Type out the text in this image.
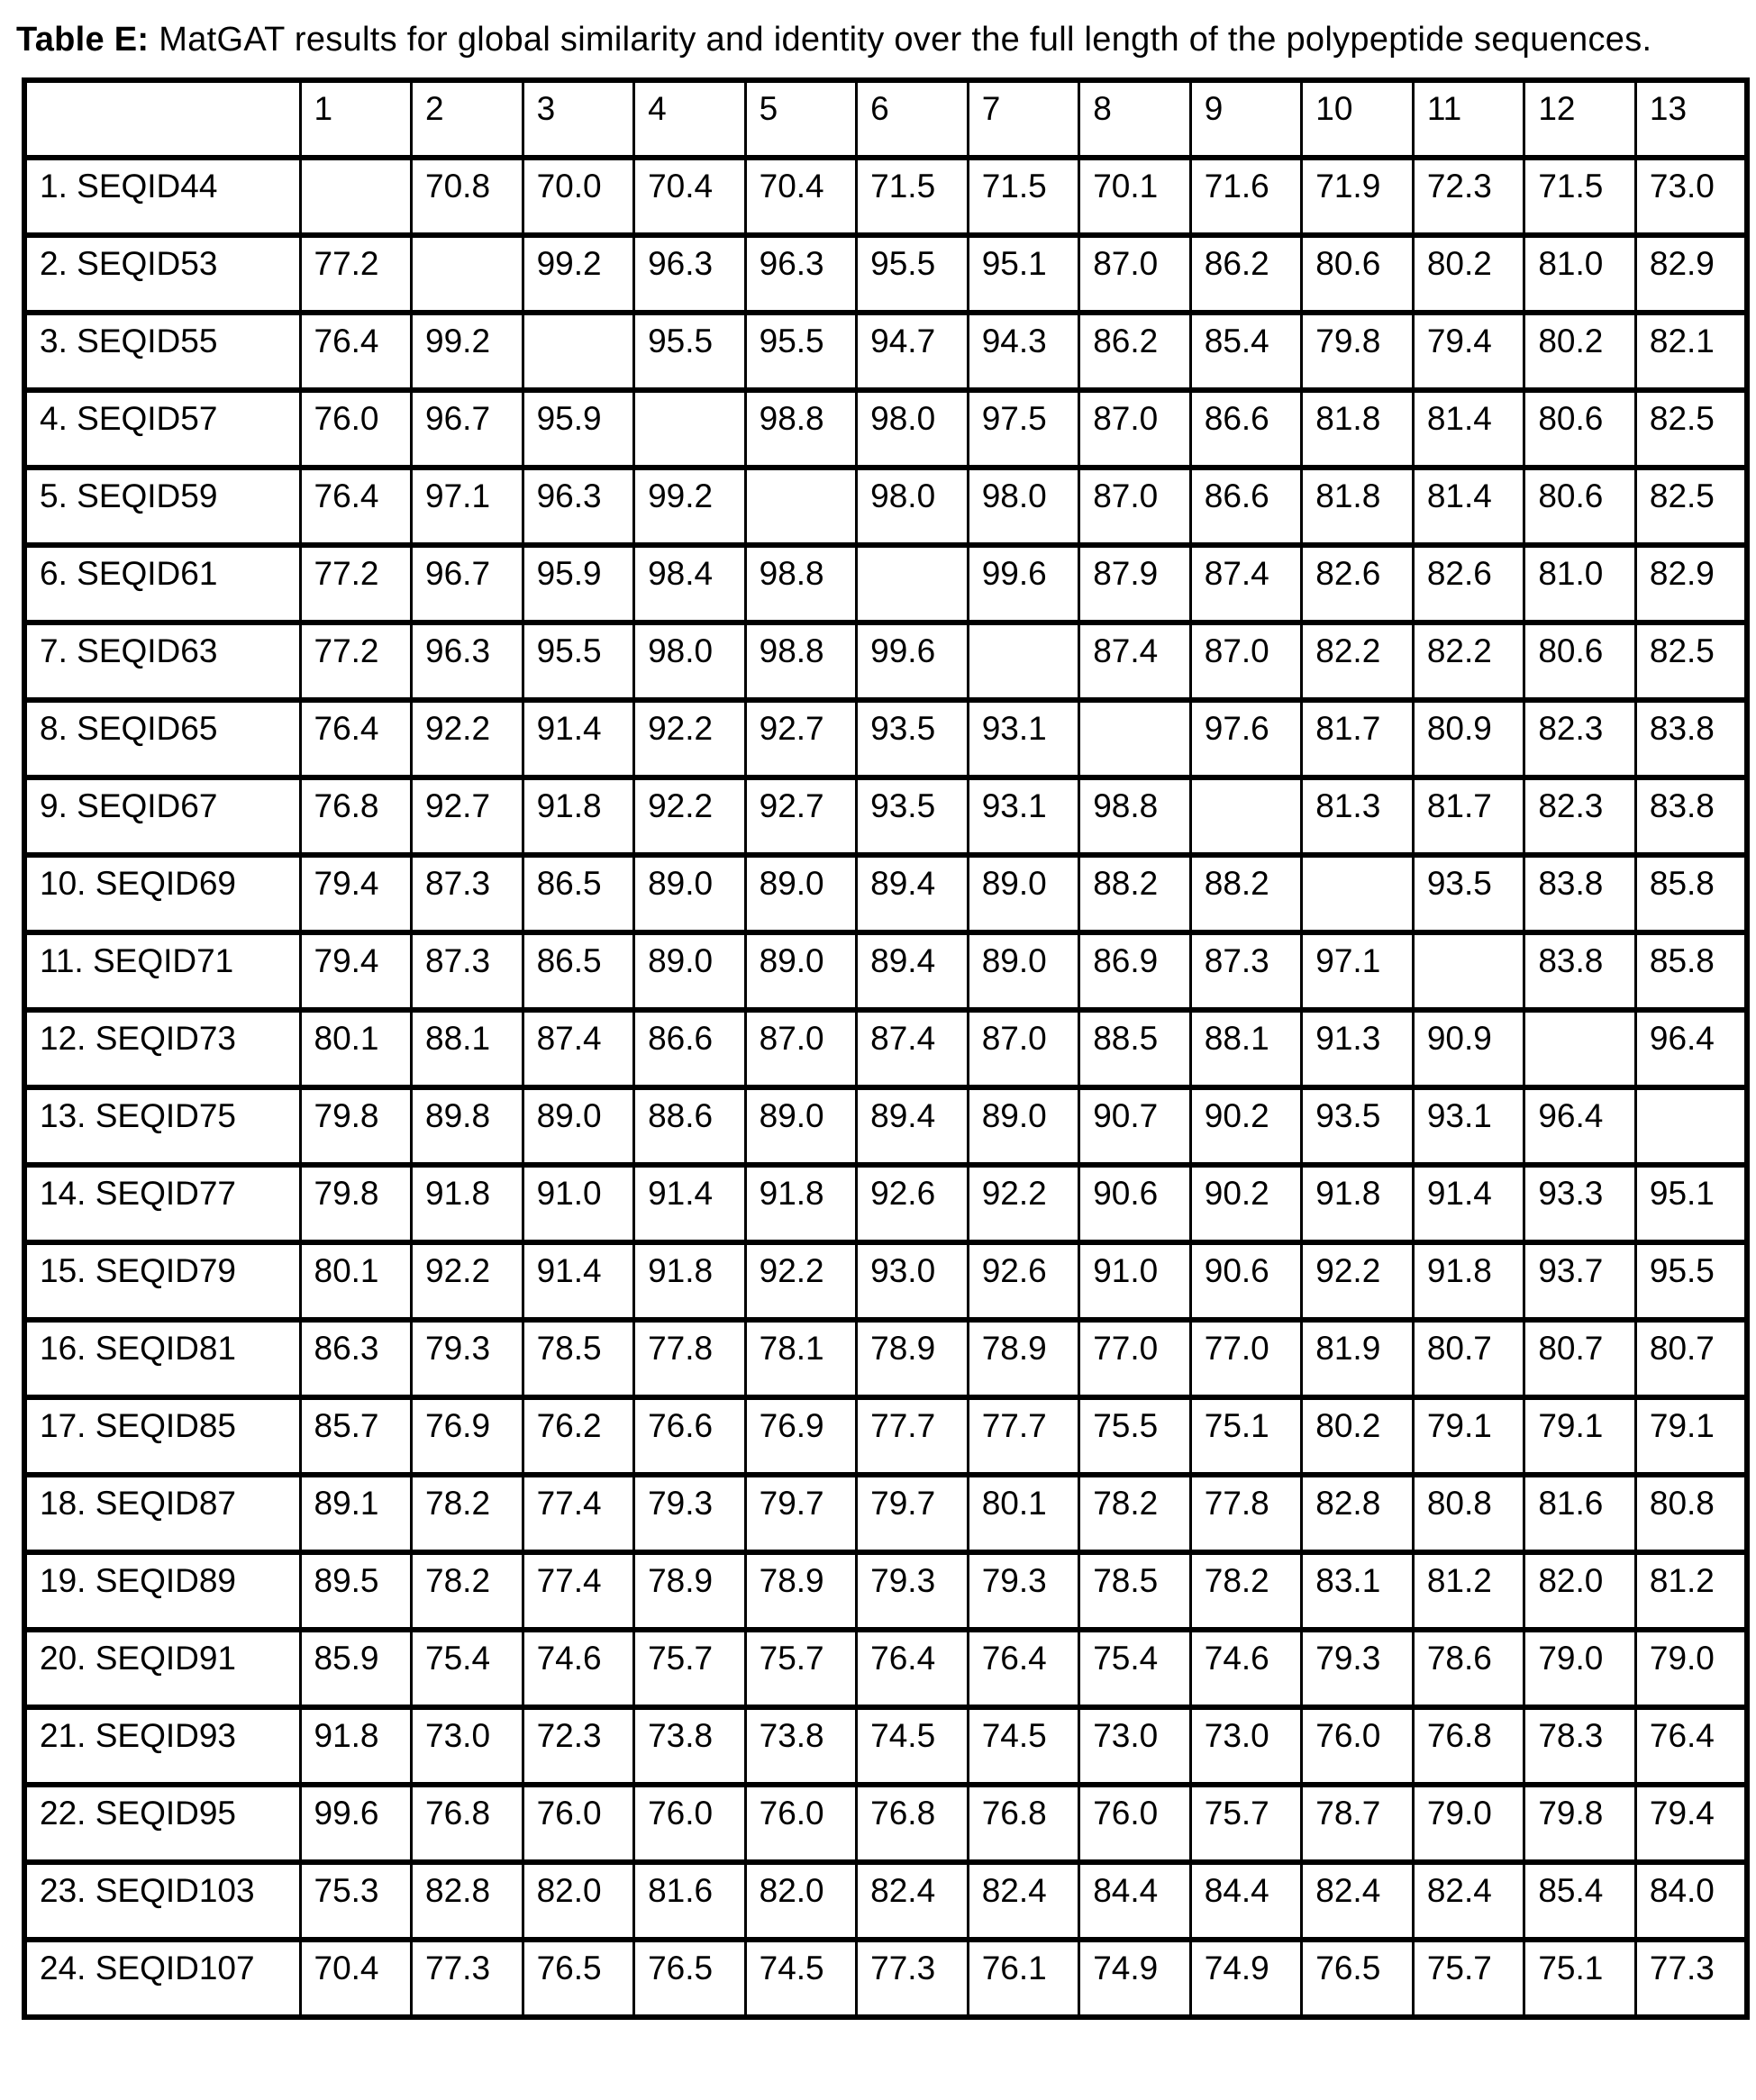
Table E: MatGAT results for global similarity and identity over the full length of the polypeptide sequences.
	1	2	3	4	5	6	7	8	9	10	11	12	13
1. SEQID44		70.8	70.0	70.4	70.4	71.5	71.5	70.1	71.6	71.9	72.3	71.5	73.0
2. SEQID53	77.2		99.2	96.3	96.3	95.5	95.1	87.0	86.2	80.6	80.2	81.0	82.9
3. SEQID55	76.4	99.2		95.5	95.5	94.7	94.3	86.2	85.4	79.8	79.4	80.2	82.1
4. SEQID57	76.0	96.7	95.9		98.8	98.0	97.5	87.0	86.6	81.8	81.4	80.6	82.5
5. SEQID59	76.4	97.1	96.3	99.2		98.0	98.0	87.0	86.6	81.8	81.4	80.6	82.5
6. SEQID61	77.2	96.7	95.9	98.4	98.8		99.6	87.9	87.4	82.6	82.6	81.0	82.9
7. SEQID63	77.2	96.3	95.5	98.0	98.8	99.6		87.4	87.0	82.2	82.2	80.6	82.5
8. SEQID65	76.4	92.2	91.4	92.2	92.7	93.5	93.1		97.6	81.7	80.9	82.3	83.8
9. SEQID67	76.8	92.7	91.8	92.2	92.7	93.5	93.1	98.8		81.3	81.7	82.3	83.8
10. SEQID69	79.4	87.3	86.5	89.0	89.0	89.4	89.0	88.2	88.2		93.5	83.8	85.8
11. SEQID71	79.4	87.3	86.5	89.0	89.0	89.4	89.0	86.9	87.3	97.1		83.8	85.8
12. SEQID73	80.1	88.1	87.4	86.6	87.0	87.4	87.0	88.5	88.1	91.3	90.9		96.4
13. SEQID75	79.8	89.8	89.0	88.6	89.0	89.4	89.0	90.7	90.2	93.5	93.1	96.4	
14. SEQID77	79.8	91.8	91.0	91.4	91.8	92.6	92.2	90.6	90.2	91.8	91.4	93.3	95.1
15. SEQID79	80.1	92.2	91.4	91.8	92.2	93.0	92.6	91.0	90.6	92.2	91.8	93.7	95.5
16. SEQID81	86.3	79.3	78.5	77.8	78.1	78.9	78.9	77.0	77.0	81.9	80.7	80.7	80.7
17. SEQID85	85.7	76.9	76.2	76.6	76.9	77.7	77.7	75.5	75.1	80.2	79.1	79.1	79.1
18. SEQID87	89.1	78.2	77.4	79.3	79.7	79.7	80.1	78.2	77.8	82.8	80.8	81.6	80.8
19. SEQID89	89.5	78.2	77.4	78.9	78.9	79.3	79.3	78.5	78.2	83.1	81.2	82.0	81.2
20. SEQID91	85.9	75.4	74.6	75.7	75.7	76.4	76.4	75.4	74.6	79.3	78.6	79.0	79.0
21. SEQID93	91.8	73.0	72.3	73.8	73.8	74.5	74.5	73.0	73.0	76.0	76.8	78.3	76.4
22. SEQID95	99.6	76.8	76.0	76.0	76.0	76.8	76.8	76.0	75.7	78.7	79.0	79.8	79.4
23. SEQID103	75.3	82.8	82.0	81.6	82.0	82.4	82.4	84.4	84.4	82.4	82.4	85.4	84.0
24. SEQID107	70.4	77.3	76.5	76.5	74.5	77.3	76.1	74.9	74.9	76.5	75.7	75.1	77.3
